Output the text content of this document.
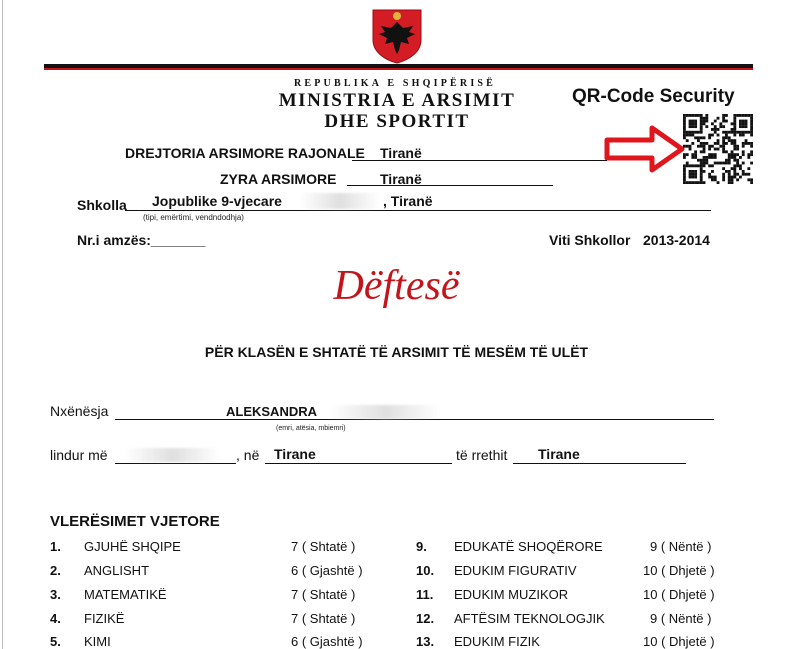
REPUBLIKA E SHQIPËRISË
MINISTRIA E ARSIMIT
DHE SPORTIT
QR-Code Security
DREJTORIA ARSIMORE RAJONALE Tiranë
ZYRA ARSIMORE	Tiranë
Shkolla Jopublike 9-vjecare	, Tiranë
(tipi, emërtimi, vendndodhja)
Nr.i amzës:_______	Viti Shkollor 2013-2014
Dëftesë
PËR KLASËN E SHTATË TË ARSIMIT TË MESËM TË ULËT
Nxënësja	ALEKSANDRA
(emri, atësia, mbiemri)
lindur më	, në Tirane	të rrethit Tirane
VLERËSIMET VJETORE
1. GJUHË SHQIPE	7 ( Shtatë )
2. ANGLISHT	6 ( Gjashtë )
3. MATEMATIKË	7 ( Shtatë )
4. FIZIKË	7 ( Shtatë )
5. KIMI	6 ( Gjashtë )
9. EDUKATË SHOQËRORE	9 ( Nëntë )
10. EDUKIM FIGURATIV	10 ( Dhjetë )
11. EDUKIM MUZIKOR	10 ( Dhjetë )
12. AFTËSIM TEKNOLOGJIK	9 ( Nëntë )
13. EDUKIM FIZIK	10 ( Dhjetë )
